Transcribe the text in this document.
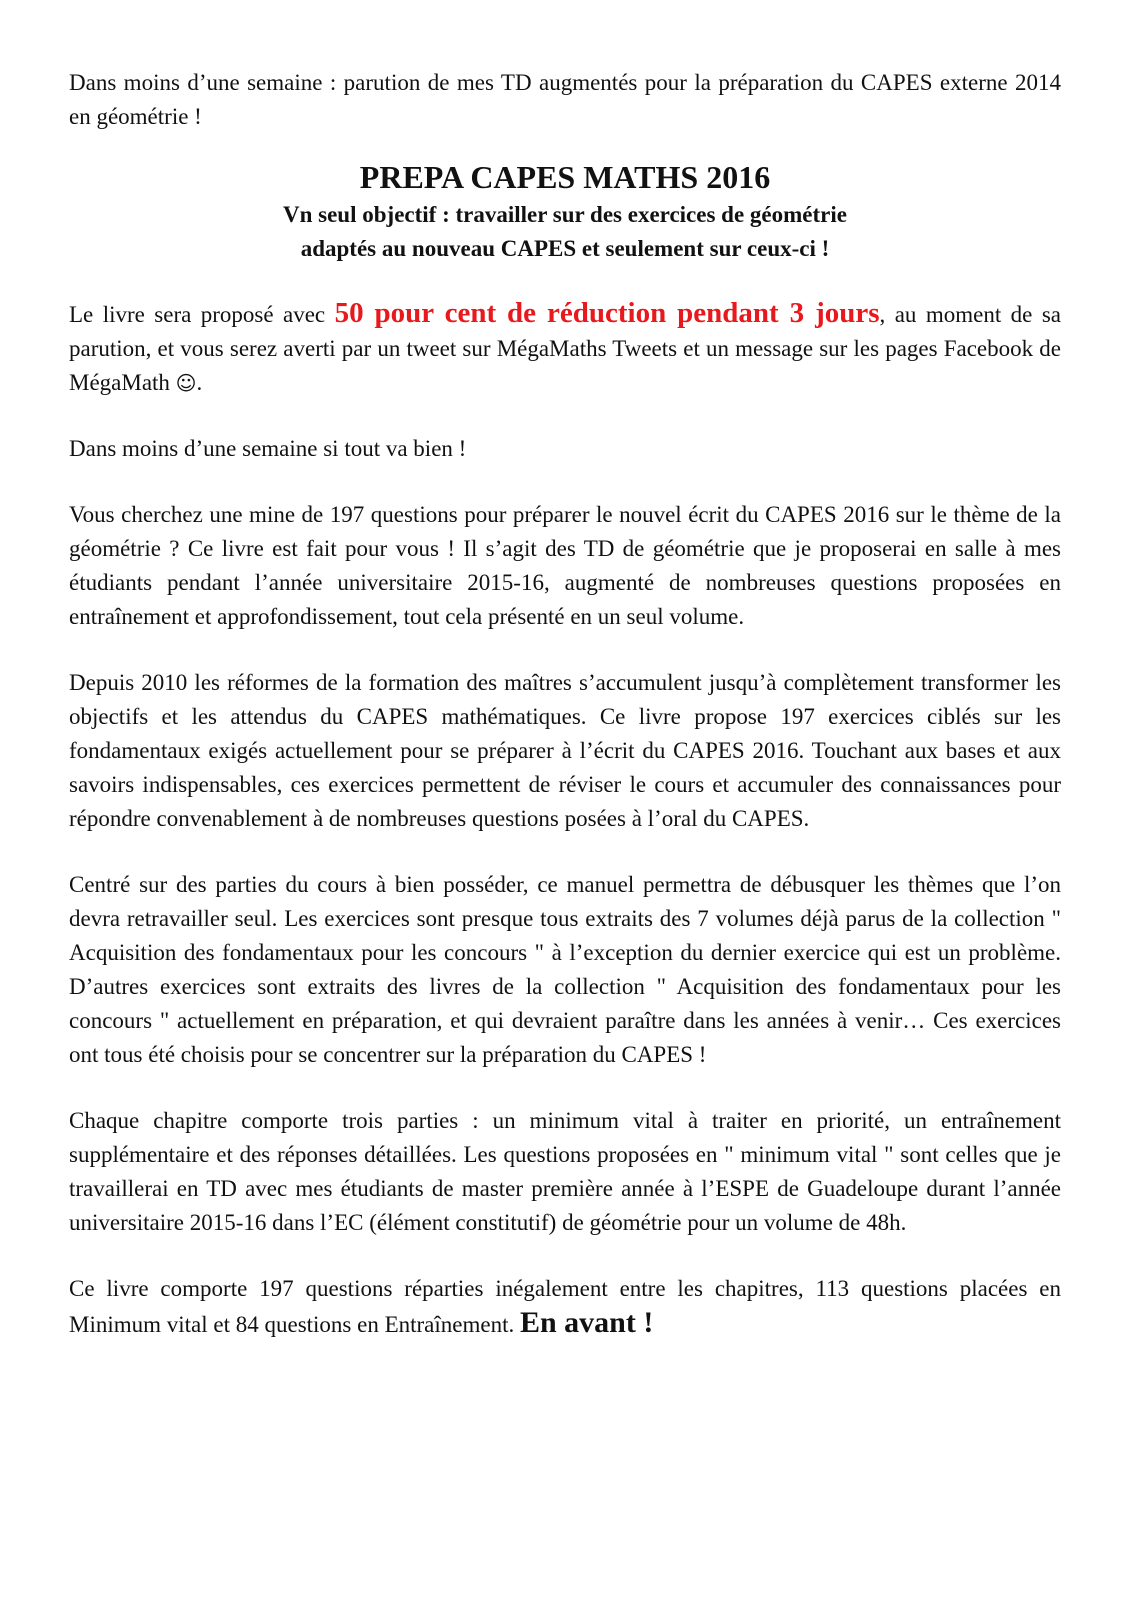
Dans moins d’une semaine : parution de mes TD augmentés pour la préparation du CAPES externe 2014 en géométrie !

PREPA CAPES MATHS 2016
Vn seul objectif : travailler sur des exercices de géométrie
adaptés au nouveau CAPES et seulement sur ceux-ci !

Le livre sera proposé avec 50 pour cent de réduction pendant 3 jours, au moment de sa parution, et vous serez averti par un tweet sur MégaMaths Tweets et un message sur les pages Facebook de MégaMath ☺.

Dans moins d’une semaine si tout va bien !

Vous cherchez une mine de 197 questions pour préparer le nouvel écrit du CAPES 2016 sur le thème de la géométrie ? Ce livre est fait pour vous ! Il s’agit des TD de géométrie que je proposerai en salle à mes étudiants pendant l’année universitaire 2015-16, augmenté de nombreuses questions proposées en entraînement et approfondissement, tout cela présenté en un seul volume.

Depuis 2010 les réformes de la formation des maîtres s’accumulent jusqu’à complètement transformer les objectifs et les attendus du CAPES mathématiques. Ce livre propose 197 exercices ciblés sur les fondamentaux exigés actuellement pour se préparer à l’écrit du CAPES 2016. Touchant aux bases et aux savoirs indispensables, ces exercices permettent de réviser le cours et accumuler des connaissances pour répondre convenablement à de nombreuses questions posées à l’oral du CAPES.

Centré sur des parties du cours à bien posséder, ce manuel permettra de débusquer les thèmes que l’on devra retravailler seul. Les exercices sont presque tous extraits des 7 volumes déjà parus de la collection " Acquisition des fondamentaux pour les concours " à l’exception du dernier exercice qui est un problème. D’autres exercices sont extraits des livres de la collection " Acquisition des fondamentaux pour les concours " actuellement en préparation, et qui devraient paraître dans les années à venir… Ces exercices ont tous été choisis pour se concentrer sur la préparation du CAPES !

Chaque chapitre comporte trois parties : un minimum vital à traiter en priorité, un entraînement supplémentaire et des réponses détaillées. Les questions proposées en " minimum vital " sont celles que je travaillerai en TD avec mes étudiants de master première année à l’ESPE de Guadeloupe durant l’année universitaire 2015-16 dans l’EC (élément constitutif) de géométrie pour un volume de 48h.

Ce livre comporte 197 questions réparties inégalement entre les chapitres, 113 questions placées en Minimum vital et 84 questions en Entraînement. En avant !
